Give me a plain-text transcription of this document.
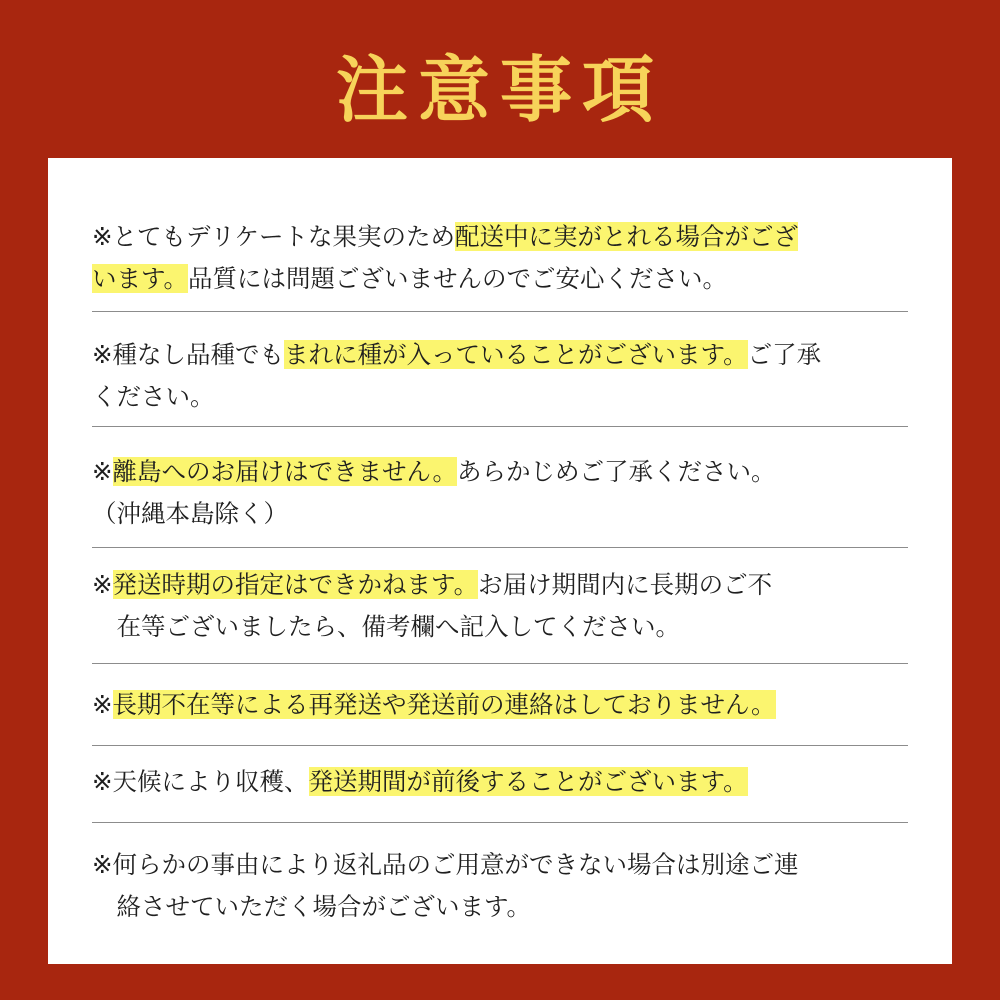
注意事項
※とてもデリケートな果実のため配送中に実がとれる場合がござ
います。品質には問題ございませんのでご安心ください。
※種なし品種でもまれに種が入っていることがございます。ご了承
ください。
※離島へのお届けはできません。あらかじめご了承ください。
（沖縄本島除く）
※発送時期の指定はできかねます。お届け期間内に長期のご不
　在等ございましたら、備考欄へ記入してください。
※長期不在等による再発送や発送前の連絡はしておりません。
※天候により収穫、発送期間が前後することがございます。
※何らかの事由により返礼品のご用意ができない場合は別途ご連
　絡させていただく場合がございます。
